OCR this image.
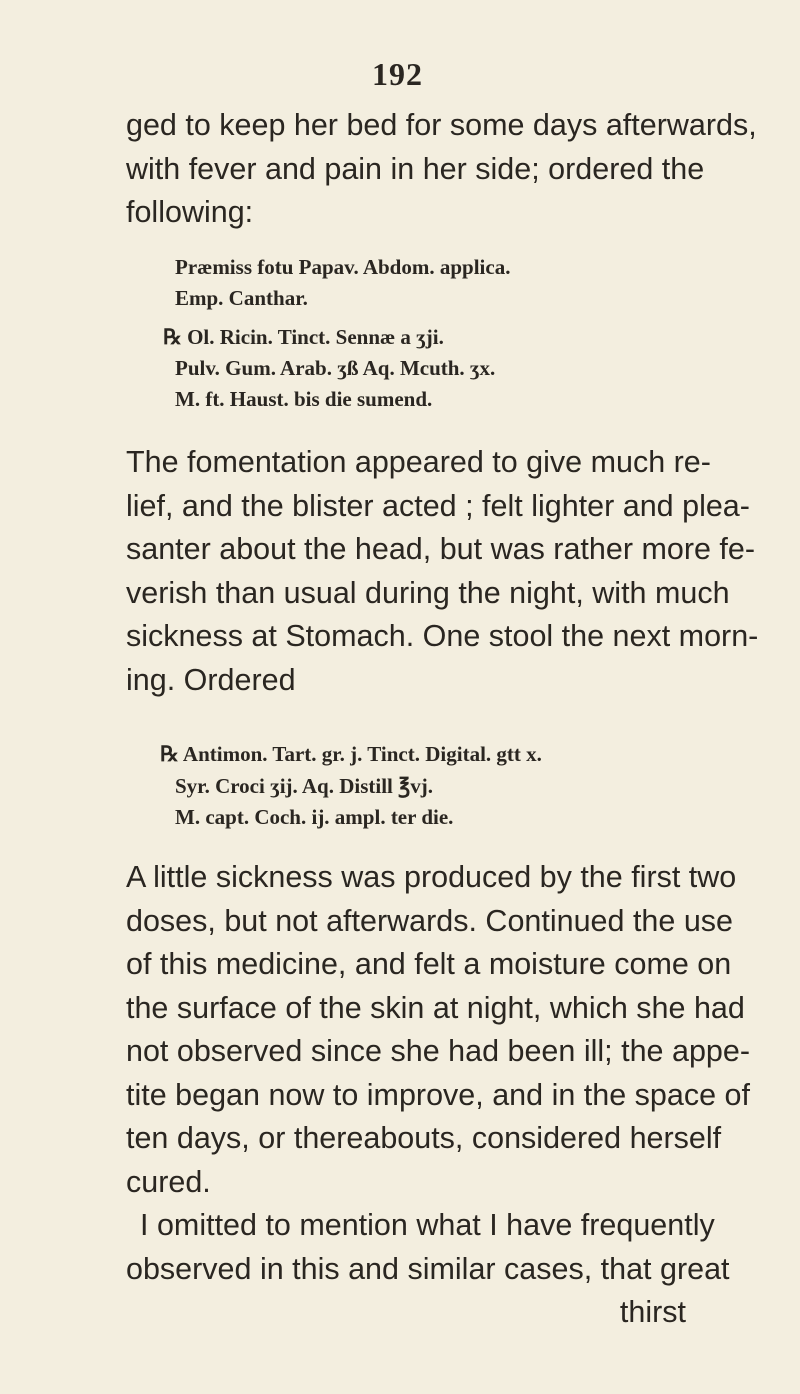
192
ged to keep her bed for some days afterwards,
with fever and pain in her side; ordered the
following:
Præmiss fotu Papav. Abdom. applica.
Emp. Canthar.
℞ Ol. Ricin. Tinct. Sennæ a ʒji.
Pulv. Gum. Arab. ʒß Aq. Mcuth. ʒx.
M. ft. Haust. bis die sumend.
The fomentation appeared to give much re-
lief, and the blister acted ; felt lighter and plea-
santer about the head, but was rather more fe-
verish than usual during the night, with much
sickness at Stomach. One stool the next morn-
ing. Ordered
℞ Antimon. Tart. gr. j. Tinct. Digital. gtt x.
Syr. Croci ʒij. Aq. Distill ℥vj.
M. capt. Coch. ij. ampl. ter die.
A little sickness was produced by the first two
doses, but not afterwards. Continued the use
of this medicine, and felt a moisture come on
the surface of the skin at night, which she had
not observed since she had been ill; the appe-
tite began now to improve, and in the space of
ten days, or thereabouts, considered herself
cured.
I omitted to mention what I have frequently
observed in this and similar cases, that great
thirst
